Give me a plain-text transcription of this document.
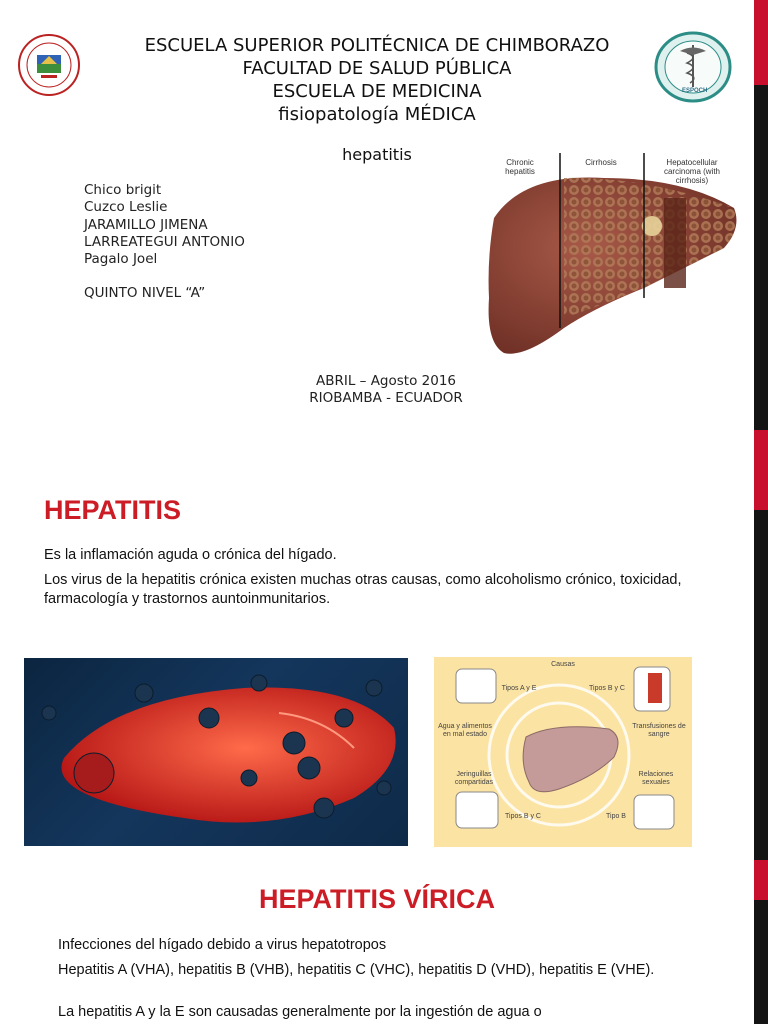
ESPOCH
ESCUELA SUPERIOR POLITÉCNICA DE CHIMBORAZO
FACULTAD DE SALUD PÚBLICA
ESCUELA DE MEDICINA
fisiopatología MÉDICA
hepatitis
Chico brigit
Cuzco Leslie
JARAMILLO JIMENA
LARREATEGUI ANTONIO
Pagalo Joel
QUINTO NIVEL “A”
ABRIL – Agosto 2016
RIOBAMBA - ECUADOR
Chronic hepatitis
Cirrhosis	Hepatocellular carcinoma (with cirrhosis)
HEPATITIS

Es la inflamación aguda o crónica del hígado.

Los virus de la hepatitis crónica existen muchas otras causas, como alcoholismo crónico, toxicidad, farmacología y trastornos auntoinmunitarios.

Causas
Tipos A y E	Tipos B y C
Agua y alimentos en mal estado
Transfusiones de sangre
Jeringuillas compartidas
Relaciones sexuales
Tipos B y C	Tipo B
HEPATITIS VÍRICA

Infecciones del hígado debido a virus hepatotropos

Hepatitis A (VHA), hepatitis B (VHB), hepatitis C (VHC), hepatitis D (VHD), hepatitis E (VHE).

La hepatitis A y la E son causadas generalmente por la ingestión de agua o
